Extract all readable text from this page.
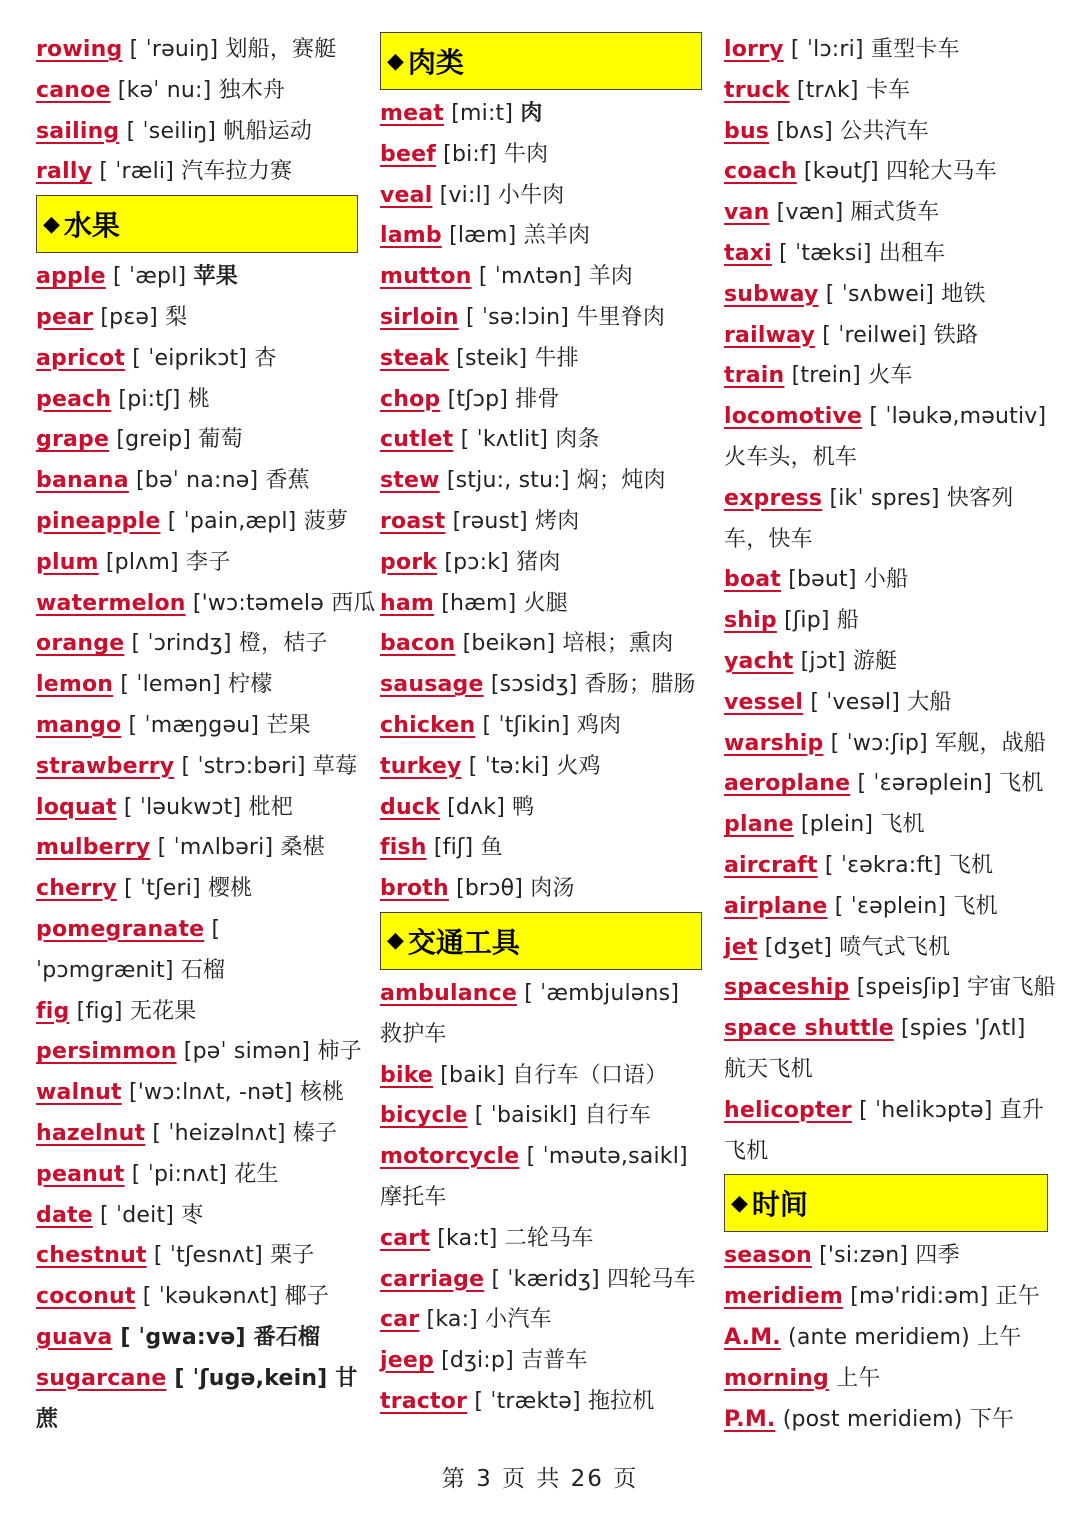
rowing [ ˈrəuiŋ] 划船，赛艇
canoe [kəˈ nu:] 独木舟
sailing [ ˈseiliŋ] 帆船运动
rally [ ˈræli] 汽车拉力赛
◆ 水果
apple [ ˈæpl] 苹果
pear [pɛə] 梨
apricot [ ˈeiprikɔt] 杏
peach [pi:tʃ] 桃
grape [greip] 葡萄
banana [bəˈ na:nə] 香蕉
pineapple [ ˈpain,æpl] 菠萝
plum [plʌm] 李子
watermelon ['wɔ:təmelə 西瓜
orange [ ˈɔrindʒ] 橙，桔子
lemon [ ˈlemən] 柠檬
mango [ ˈmæŋgəu] 芒果
strawberry [ ˈstrɔ:bəri] 草莓
loquat [ ˈləukwɔt] 枇杷
mulberry [ ˈmʌlbəri] 桑椹
cherry [ ˈtʃeri] 樱桃
pomegranate [ ˈpɔmgrænit] 石榴
fig [fig] 无花果
persimmon [pəˈ simən] 柿子
walnut ['wɔ:lnʌt, -nət] 核桃
hazelnut [ ˈheizəlnʌt] 榛子
peanut [ ˈpi:nʌt] 花生
date [ ˈdeit] 枣
chestnut [ ˈtʃesnʌt] 栗子
coconut [ ˈkəukənʌt] 椰子
guava [ ˈgwa:və] 番石榴
sugarcane [ ˈʃugə,kein] 甘蔗
◆ 肉类
meat [mi:t] 肉
beef [bi:f] 牛肉
veal [vi:l] 小牛肉
lamb [læm] 羔羊肉
mutton [ ˈmʌtən] 羊肉
sirloin [ ˈsə:lɔin] 牛里脊肉
steak [steik] 牛排
chop [tʃɔp] 排骨
cutlet [ ˈkʌtlit] 肉条
stew [stju:, stu:] 焖；炖肉
roast [rəust] 烤肉
pork [pɔ:k] 猪肉
ham [hæm] 火腿
bacon [beikən] 培根；熏肉
sausage [sɔsidʒ] 香肠；腊肠
chicken [ ˈtʃikin] 鸡肉
turkey [ ˈtə:ki] 火鸡
duck [dʌk] 鸭
fish [fiʃ] 鱼
broth [brɔθ] 肉汤
◆ 交通工具
ambulance [ ˈæmbjuləns] 救护车
bike [baik] 自行车（口语）
bicycle [ ˈbaisikl] 自行车
motorcycle [ ˈməutə,saikl] 摩托车
cart [ka:t] 二轮马车
carriage [ ˈkæridʒ] 四轮马车
car [ka:] 小汽车
jeep [dʒi:p] 吉普车
tractor [ ˈtræktə] 拖拉机
lorry [ ˈlɔ:ri] 重型卡车
truck [trʌk] 卡车
bus [bʌs] 公共汽车
coach [kəutʃ] 四轮大马车
van [væn] 厢式货车
taxi [ ˈtæksi] 出租车
subway [ ˈsʌbwei] 地铁
railway [ ˈreilwei] 铁路
train [trein] 火车
locomotive [ ˈləukə,məutiv] 火车头，机车
express [ikˈ spres] 快客列车，快车
boat [bəut] 小船
ship [ʃip] 船
yacht [jɔt] 游艇
vessel [ ˈvesəl] 大船
warship [ ˈwɔ:ʃip] 军舰，战船
aeroplane [ ˈɛərəplein] 飞机
plane [plein] 飞机
aircraft [ ˈɛəkra:ft] 飞机
airplane [ ˈɛəplein] 飞机
jet [dʒet] 喷气式飞机
spaceship [speisʃip] 宇宙飞船
space shuttle [spies 'ʃʌtl] 航天飞机
helicopter [ ˈhelikɔptə] 直升飞机
◆ 时间
season ['si:zən] 四季
meridiem [mə'ridi:əm] 正午
A.M. (ante meridiem) 上午
morning 上午
P.M. (post meridiem) 下午
第 3 页 共 26 页
